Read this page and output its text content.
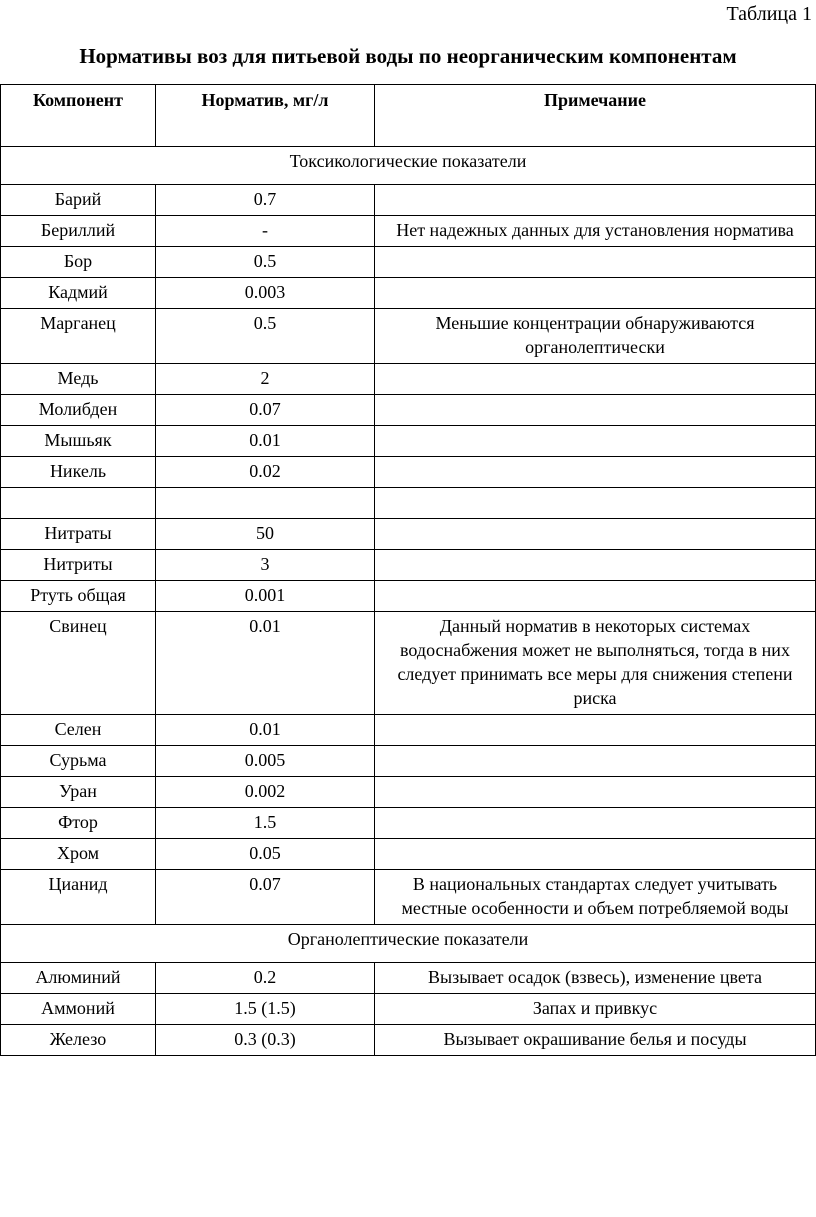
Таблица 1
Нормативы воз для питьевой воды по неорганическим компонентам
Компонент	Норматив, мг/л	Примечание
Токсикологические показатели		
Барий	0.7	
Бериллий	-	Нет надежных данных для установления норматива
Бор	0.5	
Кадмий	0.003	
Марганец	0.5	Меньшие концентрации обнаруживаются органолептически
Медь	2	
Молибден	0.07	
Мышьяк	0.01	
Никель	0.02	

Нитраты	50	
Нитриты	3	
Ртуть общая	0.001	
Свинец	0.01	Данный норматив в некоторых системах водоснабжения может не выполняться, тогда в них следует принимать все меры для снижения степени риска
Селен	0.01	
Сурьма	0.005	
Уран	0.002	
Фтор	1.5	
Хром	0.05	
Цианид	0.07	В национальных стандартах следует учитывать местные особенности и объем потребляемой воды
Органолептические показатели		
Алюминий	0.2	Вызывает осадок (взвесь), изменение цвета
Аммоний	1.5 (1.5)	Запах и привкус
Железо	0.3 (0.3)	Вызывает окрашивание белья и посуды
